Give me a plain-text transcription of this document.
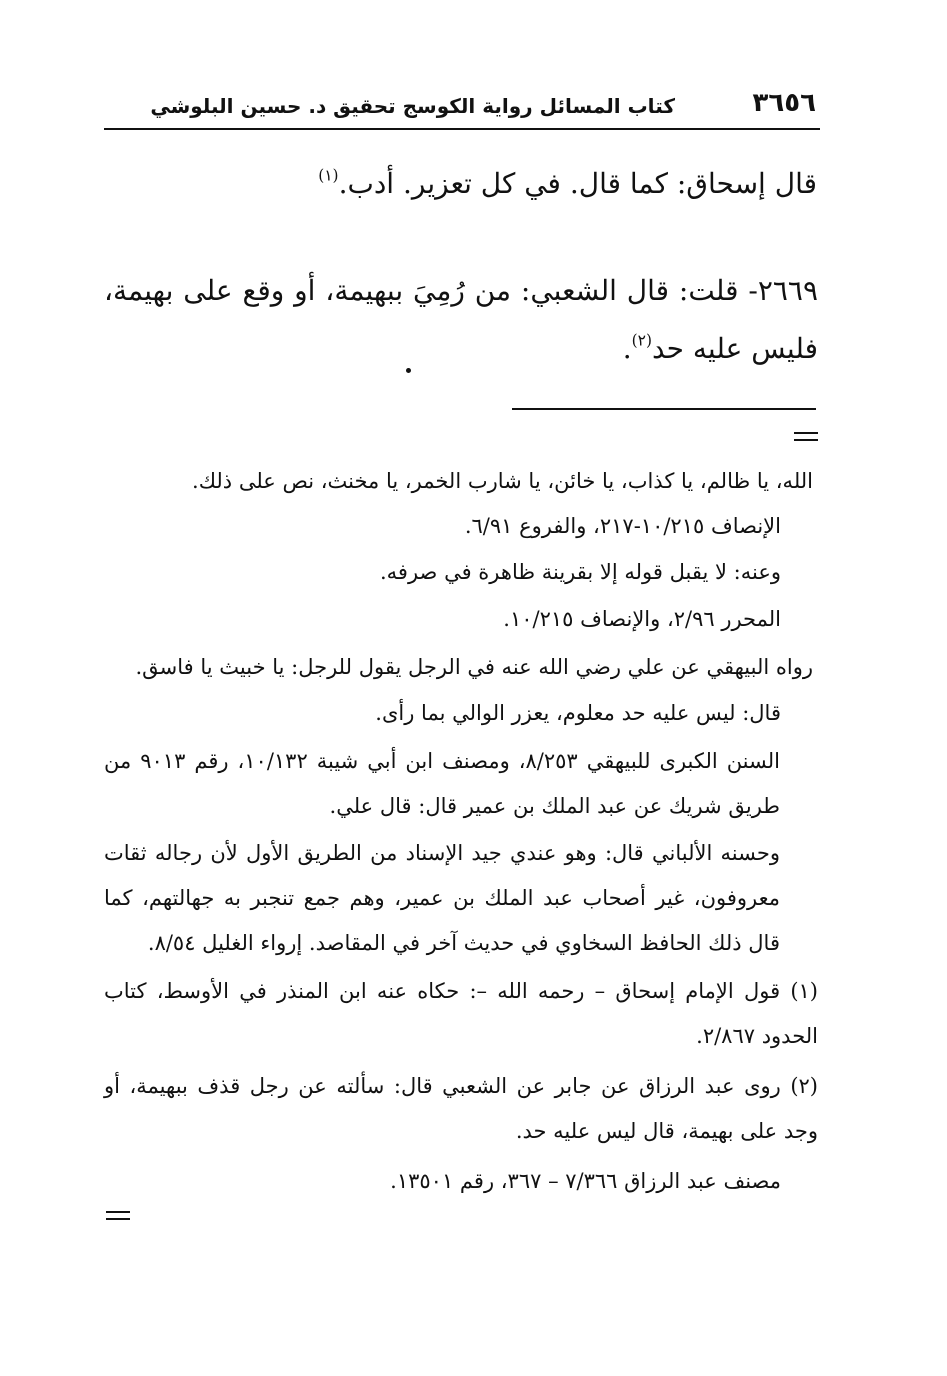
٣٦٥٦
كتاب المسائل رواية الكوسج تحقيق د. حسين البلوشي
قال إسحاق: كما قال. في كل تعزير. أدب.$^{(١)}$
٢٦٦٩- قلت: قال الشعبي: من رُمِيَ ببهيمة، أو وقع على بهيمة، فليس عليه حد$^{(٢)}$.
الله، يا ظالم، يا كذاب، يا خائن، يا شارب الخمر، يا مخنث، نص على ذلك.
الإنصاف ١٠/٢١٥-٢١٧، والفروع ٦/٩١.
وعنه: لا يقبل قوله إلا بقرينة ظاهرة في صرفه.
المحرر ٢/٩٦، والإنصاف ١٠/٢١٥.
رواه البيهقي عن علي رضي الله عنه في الرجل يقول للرجل: يا خبيث يا فاسق.
قال: ليس عليه حد معلوم، يعزر الوالي بما رأى.
السنن الكبرى للبيهقي ٨/٢٥٣، ومصنف ابن أبي شيبة ١٠/١٣٢، رقم ٩٠١٣ من طريق شريك عن عبد الملك بن عمير قال: قال علي.
وحسنه الألباني قال: وهو عندي جيد الإسناد من الطريق الأول لأن رجاله ثقات معروفون، غير أصحاب عبد الملك بن عمير، وهم جمع تنجبر به جهالتهم، كما قال ذلك الحافظ السخاوي في حديث آخر في المقاصد. إرواء الغليل ٨/٥٤.
(١) قول الإمام إسحاق – رحمه الله –: حكاه عنه ابن المنذر في الأوسط، كتاب الحدود ٢/٨٦٧.
(٢) روى عبد الرزاق عن جابر عن الشعبي قال: سألته عن رجل قذف ببهيمة، أو وجد على بهيمة، قال ليس عليه حد.
مصنف عبد الرزاق ٧/٣٦٦ – ٣٦٧، رقم ١٣٥٠١.
